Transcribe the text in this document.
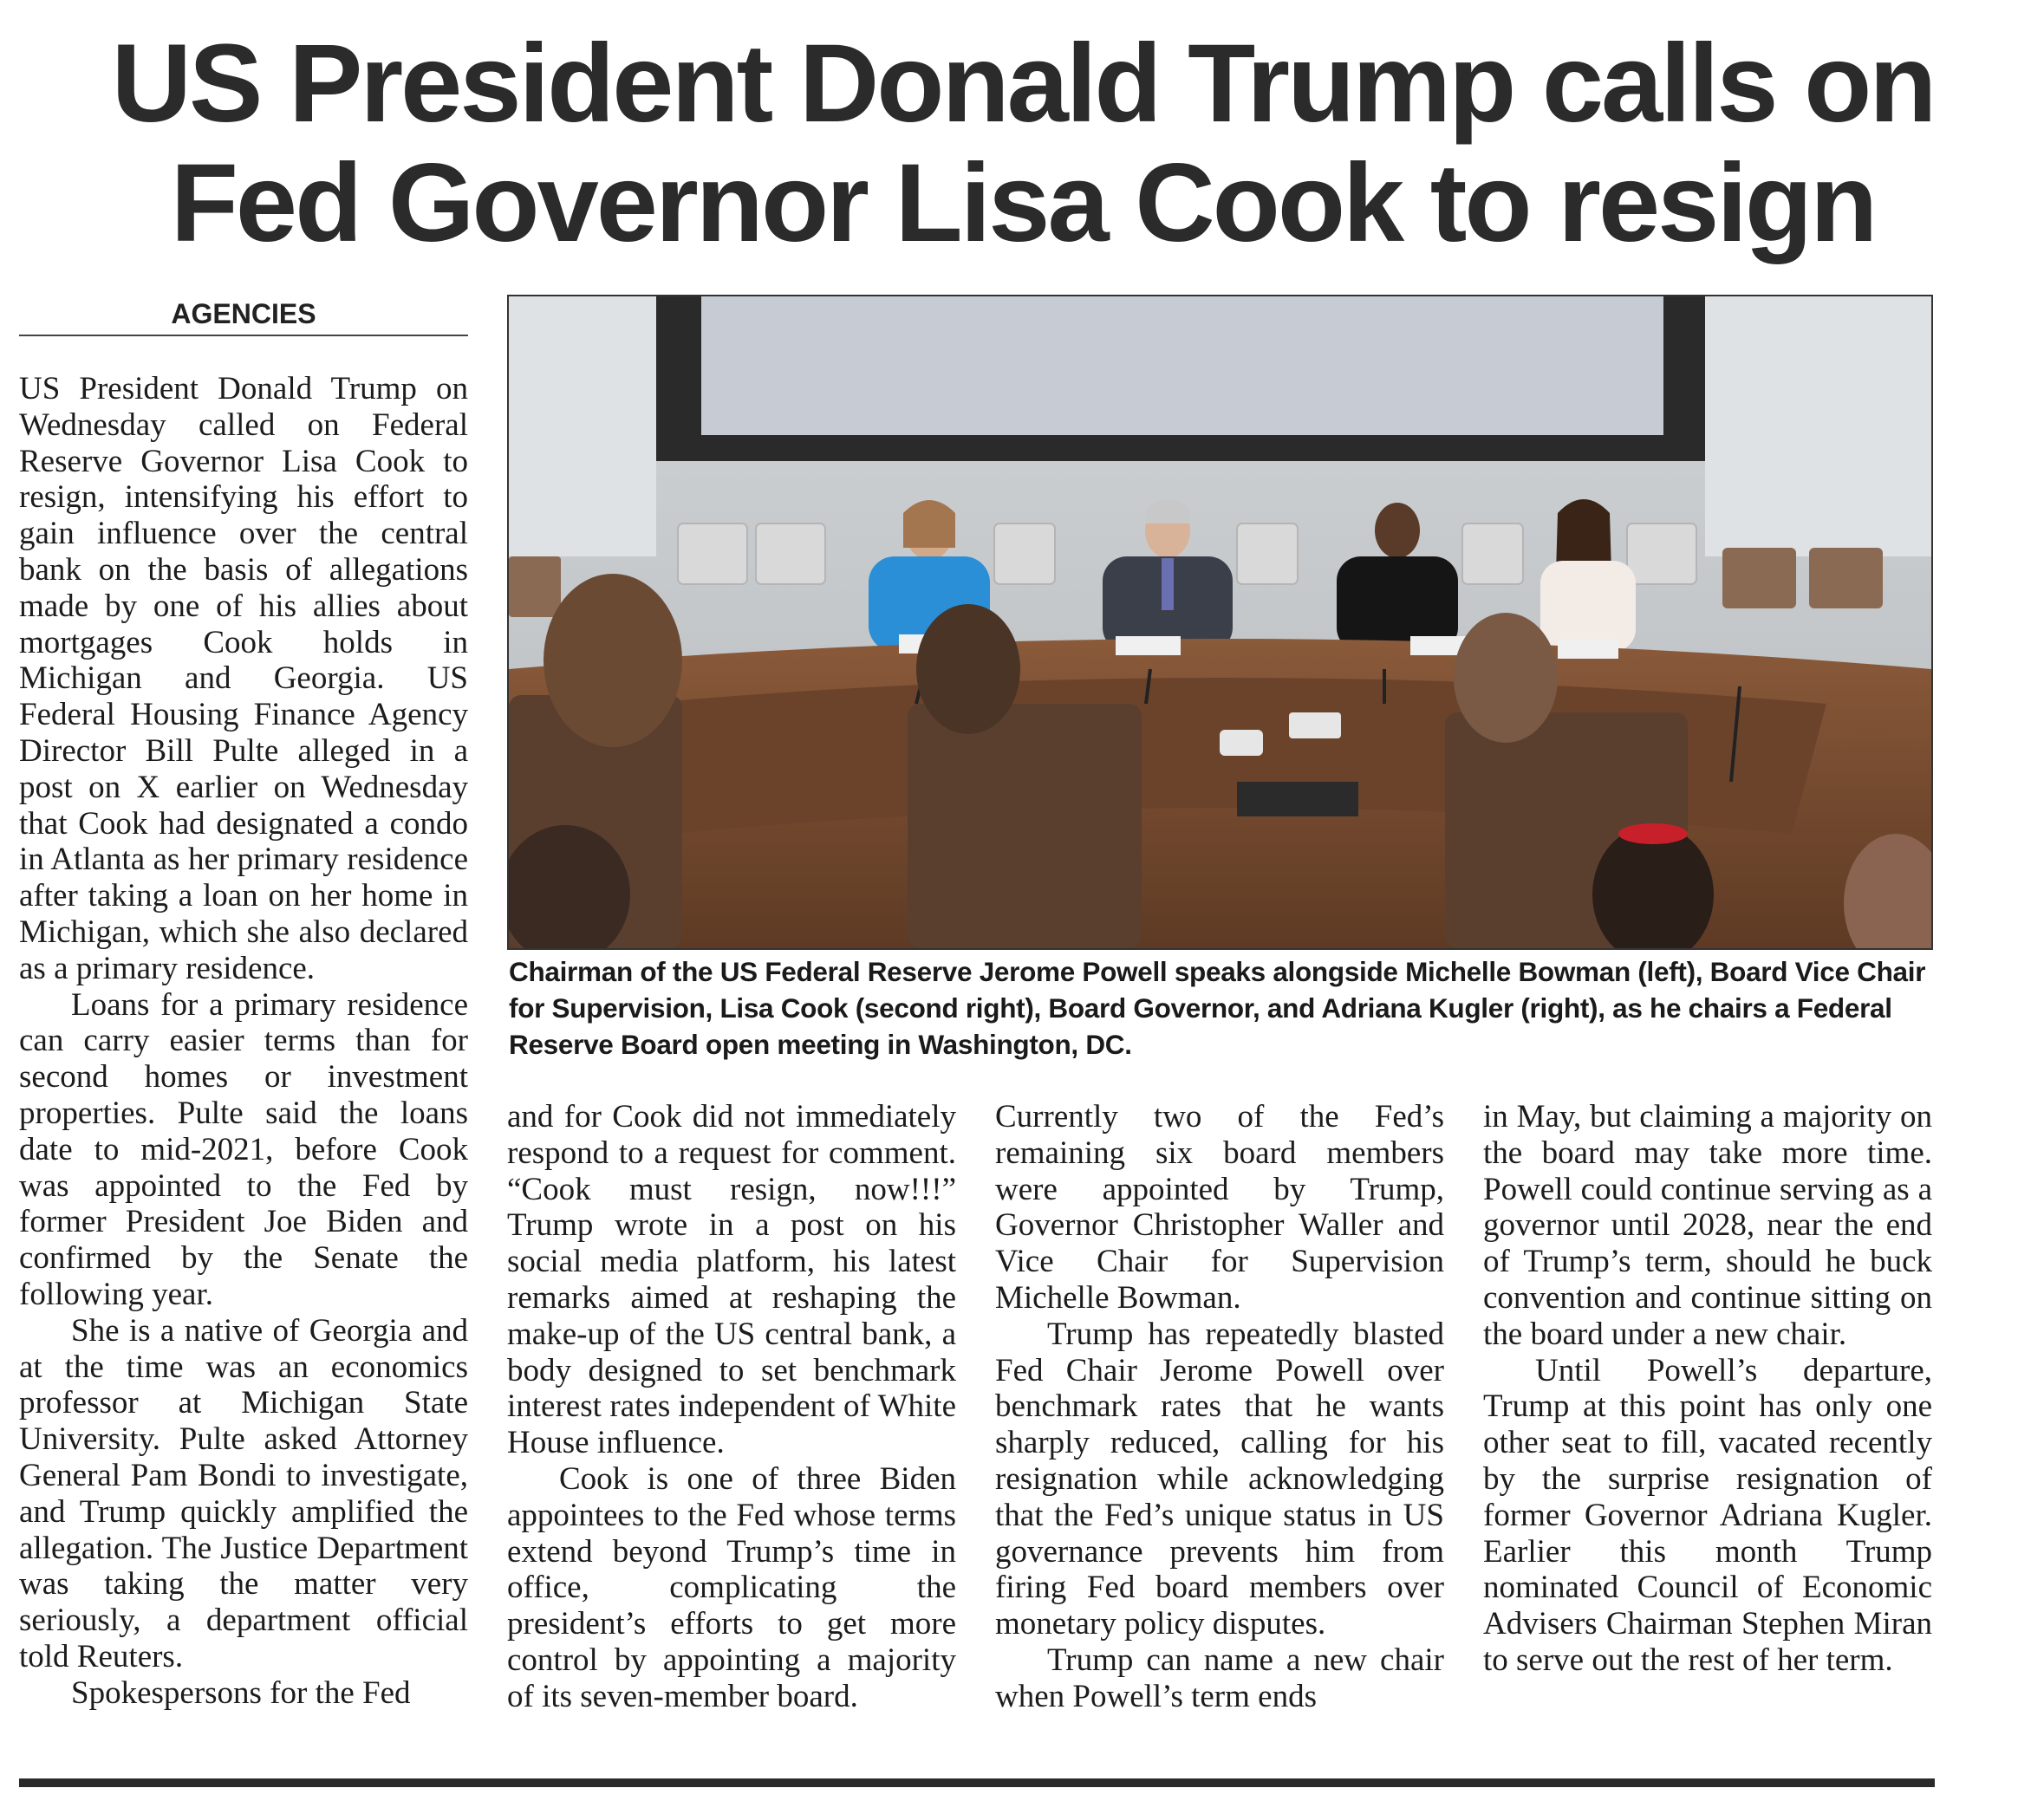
US President Donald Trump calls on
Fed Governor Lisa Cook to resign
AGENCIES

US President Donald Trump on Wednesday called on Federal Reserve Governor Lisa Cook to resign, intensifying his effort to gain influence over the central bank on the basis of allegations made by one of his allies about mortgages Cook holds in Michigan and Georgia. US Federal Housing Finance Agency Director Bill Pulte alleged in a post on X earlier on Wednesday that Cook had designated a condo in Atlanta as her primary residence after taking a loan on her home in Michigan, which she also declared as a primary residence.

Loans for a primary residence can carry easier terms than for second homes or investment properties. Pulte said the loans date to mid-2021, before Cook was appointed to the Fed by former President Joe Biden and confirmed by the Senate the following year.

She is a native of Georgia and at the time was an economics professor at Michigan State University. Pulte asked Attorney General Pam Bondi to investigate, and Trump quickly amplified the allegation. The Justice Department was taking the matter very seriously, a department official told Reuters.

Spokespersons for the Fed

Chairman of the US Federal Reserve Jerome Powell speaks alongside Michelle Bowman (left), Board Vice Chair for Supervision, Lisa Cook (second right), Board Governor, and Adriana Kugler (right), as he chairs a Federal Reserve Board open meeting in Washington, DC.

and for Cook did not immediately respond to a request for comment. “Cook must resign, now!!!” Trump wrote in a post on his social media platform, his latest remarks aimed at reshaping the make-up of the US central bank, a body designed to set benchmark interest rates independent of White House influence.

Cook is one of three Biden appointees to the Fed whose terms extend beyond Trump’s time in office, complicating the president’s efforts to get more control by appointing a majority of its seven-member board.

Currently two of the Fed’s remaining six board members were appointed by Trump, Governor Christopher Waller and Vice Chair for Supervision Michelle Bowman.

Trump has repeatedly blasted Fed Chair Jerome Powell over benchmark rates that he wants sharply reduced, calling for his resignation while acknowledging that the Fed’s unique status in US governance prevents him from firing Fed board members over monetary policy disputes.

Trump can name a new chair when Powell’s term ends

in May, but claiming a majority on the board may take more time. Powell could continue serving as a governor until 2028, near the end of Trump’s term, should he buck convention and continue sitting on the board under a new chair.

Until Powell’s departure, Trump at this point has only one other seat to fill, vacated recently by the surprise resignation of former Governor Adriana Kugler. Earlier this month Trump nominated Council of Economic Advisers Chairman Stephen Miran to serve out the rest of her term.
